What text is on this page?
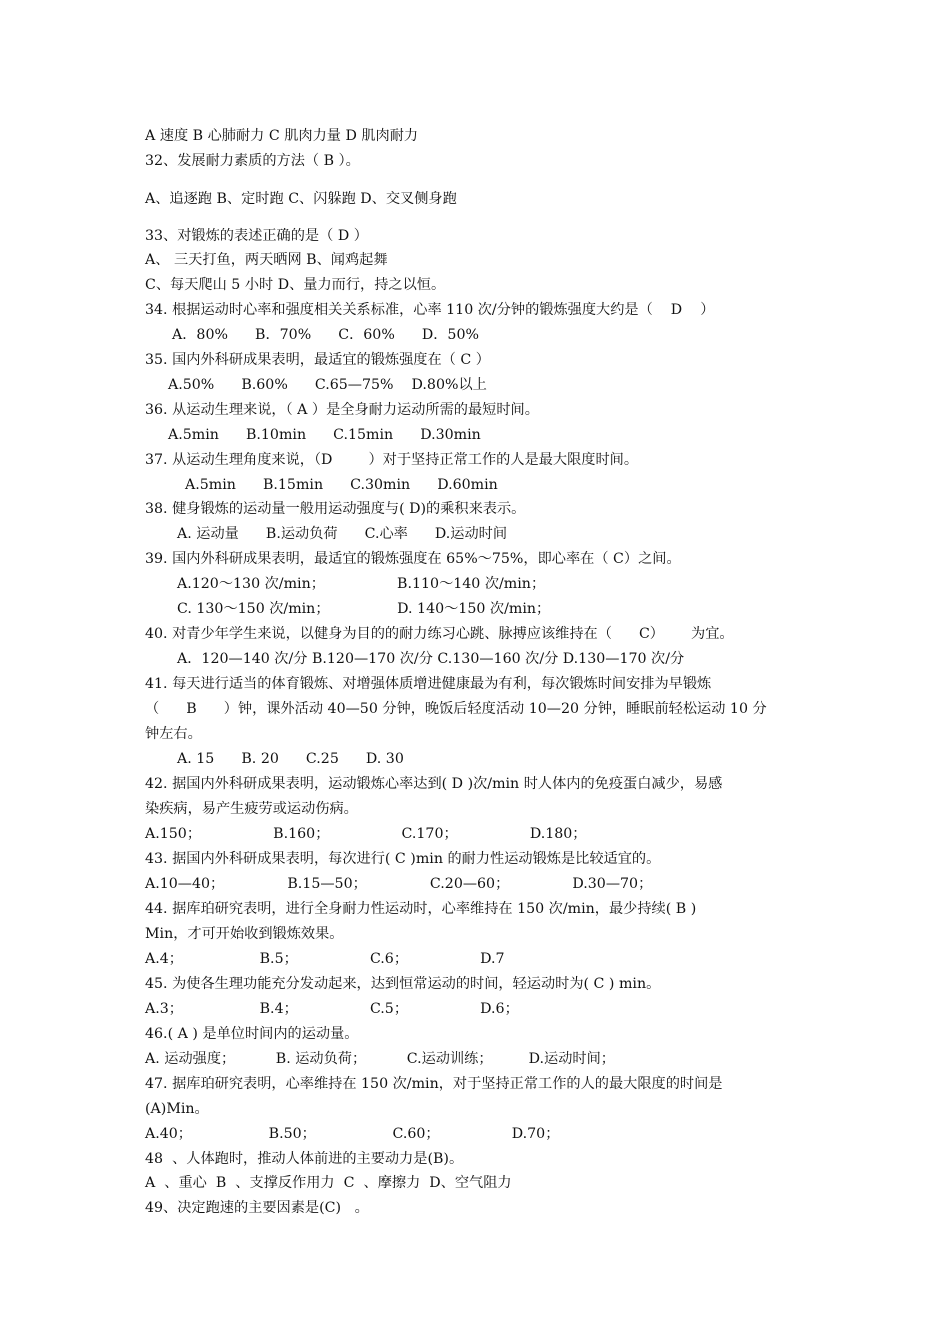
A 速度 B 心肺耐力 C 肌肉力量 D 肌肉耐力
32、发展耐力素质的方法（ B ）。
A、追逐跑 B、定时跑 C、闪躲跑 D、交叉侧身跑
33、对锻炼的表述正确的是（ D ）
A、 三天打鱼，两天晒网 B、闻鸡起舞
C、每天爬山 5 小时 D、量力而行，持之以恒。
34. 根据运动时心率和强度相关关系标准，心率 110 次/分钟的锻炼强度大约是（    D    ）
A．80%      B．70%      C．60%      D．50%
35. 国内外科研成果表明，最适宜的锻炼强度在（ C ）
A.50%      B.60%      C.65—75%    D.80%以上
36. 从运动生理来说，（ A ）是全身耐力运动所需的最短时间。
A.5min      B.10min      C.15min      D.30min
37. 从运动生理角度来说，（D        ）对于坚持正常工作的人是最大限度时间。
A.5min      B.15min      C.30min      D.60min
38. 健身锻炼的运动量一般用运动强度与( D)的乘积来表示。
A. 运动量      B.运动负荷      C.心率      D.运动时间
39. 国内外科研成果表明，最适宜的锻炼强度在 65%～75%，即心率在（ C）之间。
A.120～130 次/min；                B.110～140 次/min；
C. 130～150 次/min；               D. 140～150 次/min；
40. 对青少年学生来说，以健身为目的的耐力练习心跳、脉搏应该维持在（      C）      为宜。
A．120—140 次/分 B.120—170 次/分 C.130—160 次/分 D.130—170 次/分
41. 每天进行适当的体育锻炼、对增强体质增进健康最为有利，每次锻炼时间安排为早锻炼
（      B      ）钟，课外活动 40—50 分钟，晚饭后轻度活动 10—20 分钟，睡眠前轻松运动 10 分
钟左右。
A. 15      B. 20      C.25      D. 30
42. 据国内外科研成果表明，运动锻炼心率达到( D )次/min 时人体内的免疫蛋白减少，易感
染疾病，易产生疲劳或运动伤病。
A.150；                B.160；                C.170；                D.180；
43. 据国内外科研成果表明，每次进行( C )min 的耐力性运动锻炼是比较适宜的。
A.10—40；              B.15—50；              C.20—60；              D.30—70；
44. 据库珀研究表明，进行全身耐力性运动时，心率维持在 150 次/min，最少持续( B )
Min，才可开始收到锻炼效果。
A.4；                 B.5；                C.6；                D.7
45. 为使各生理功能充分发动起来，达到恒常运动的时间，轻运动时为( C ) min。
A.3；                 B.4；                C.5；                D.6；
46.( A ) 是单位时间内的运动量。
A. 运动强度；         B. 运动负荷；         C.运动训练；        D.运动时间；
47. 据库珀研究表明，心率维持在 150 次/min，对于坚持正常工作的人的最大限度的时间是
(A)Min。
A.40；                 B.50；                 C.60；                D.70；
48  、人体跑时，推动人体前进的主要动力是(B)。
A  、重心  B  、支撑反作用力  C  、摩擦力  D、空气阻力
49、决定跑速的主要因素是(C)   。
